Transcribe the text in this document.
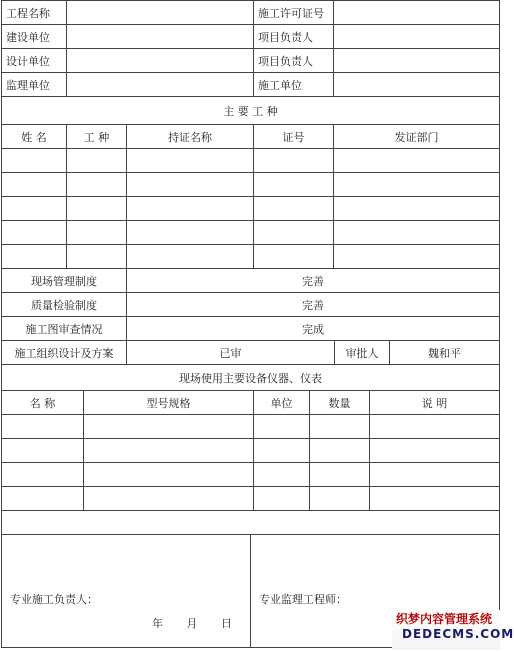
工程名称			施工许可证号	
建设单位			项目负责人	
设计单位			项目负责人	
监理单位			施工单位	
主 要 工 种				
姓 名	工 种	持证名称	证号	发证部门

现场管理制度		完善		
质量检验制度		完善		
施工图审查情况		完成		
施工组织设计及方案	已审	审批人	魏和平
现场使用主要设备仪器、仪表				
名 称	型号规格	单位	数量	说 明

专业施工负责人：
年 月 日

专业监理工程师：
织梦内容管理系统
DEDECMS.COM
